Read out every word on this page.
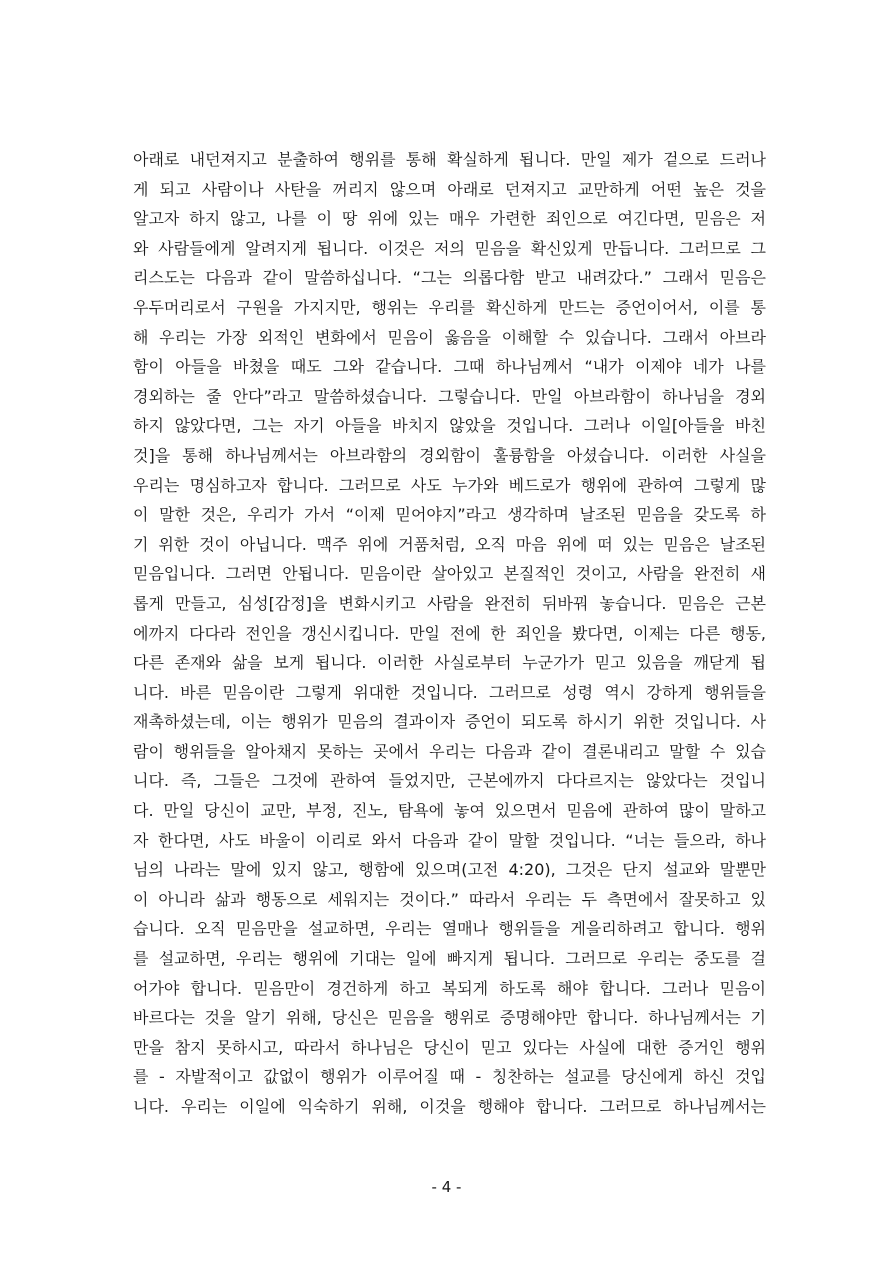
아래로 내던져지고 분출하여 행위를 통해 확실하게 됩니다. 만일 제가 겉으로 드러나
게 되고 사람이나 사탄을 꺼리지 않으며 아래로 던져지고 교만하게 어떤 높은 것을
알고자 하지 않고, 나를 이 땅 위에 있는 매우 가련한 죄인으로 여긴다면, 믿음은 저
와 사람들에게 알려지게 됩니다. 이것은 저의 믿음을 확신있게 만듭니다. 그러므로 그
리스도는 다음과 같이 말씀하십니다. “그는 의롭다함 받고 내려갔다.” 그래서 믿음은
우두머리로서 구원을 가지지만, 행위는 우리를 확신하게 만드는 증언이어서, 이를 통
해 우리는 가장 외적인 변화에서 믿음이 옳음을 이해할 수 있습니다. 그래서 아브라
함이 아들을 바쳤을 때도 그와 같습니다. 그때 하나님께서 “내가 이제야 네가 나를
경외하는 줄 안다”라고 말씀하셨습니다. 그렇습니다. 만일 아브라함이 하나님을 경외
하지 않았다면, 그는 자기 아들을 바치지 않았을 것입니다. 그러나 이일[아들을 바친
것]을 통해 하나님께서는 아브라함의 경외함이 훌륭함을 아셨습니다. 이러한 사실을
우리는 명심하고자 합니다. 그러므로 사도 누가와 베드로가 행위에 관하여 그렇게 많
이 말한 것은, 우리가 가서 “이제 믿어야지”라고 생각하며 날조된 믿음을 갖도록 하
기 위한 것이 아닙니다. 맥주 위에 거품처럼, 오직 마음 위에 떠 있는 믿음은 날조된
믿음입니다. 그러면 안됩니다. 믿음이란 살아있고 본질적인 것이고, 사람을 완전히 새
롭게 만들고, 심성[감정]을 변화시키고 사람을 완전히 뒤바꿔 놓습니다. 믿음은 근본
에까지 다다라 전인을 갱신시킵니다. 만일 전에 한 죄인을 봤다면, 이제는 다른 행동,
다른 존재와 삶을 보게 됩니다. 이러한 사실로부터 누군가가 믿고 있음을 깨닫게 됩
니다. 바른 믿음이란 그렇게 위대한 것입니다. 그러므로 성령 역시 강하게 행위들을
재촉하셨는데, 이는 행위가 믿음의 결과이자 증언이 되도록 하시기 위한 것입니다. 사
람이 행위들을 알아채지 못하는 곳에서 우리는 다음과 같이 결론내리고 말할 수 있습
니다. 즉, 그들은 그것에 관하여 들었지만, 근본에까지 다다르지는 않았다는 것입니
다. 만일 당신이 교만, 부정, 진노, 탐욕에 놓여 있으면서 믿음에 관하여 많이 말하고
자 한다면, 사도 바울이 이리로 와서 다음과 같이 말할 것입니다. “너는 들으라, 하나
님의 나라는 말에 있지 않고, 행함에 있으며(고전 4:20), 그것은 단지 설교와 말뿐만
이 아니라 삶과 행동으로 세워지는 것이다.” 따라서 우리는 두 측면에서 잘못하고 있
습니다. 오직 믿음만을 설교하면, 우리는 열매나 행위들을 게을리하려고 합니다. 행위
를 설교하면, 우리는 행위에 기대는 일에 빠지게 됩니다. 그러므로 우리는 중도를 걸
어가야 합니다. 믿음만이 경건하게 하고 복되게 하도록 해야 합니다. 그러나 믿음이
바르다는 것을 알기 위해, 당신은 믿음을 행위로 증명해야만 합니다. 하나님께서는 기
만을 참지 못하시고, 따라서 하나님은 당신이 믿고 있다는 사실에 대한 증거인 행위
를 - 자발적이고 값없이 행위가 이루어질 때 - 칭찬하는 설교를 당신에게 하신 것입
니다. 우리는 이일에 익숙하기 위해, 이것을 행해야 합니다. 그러므로 하나님께서는
- 4 -
